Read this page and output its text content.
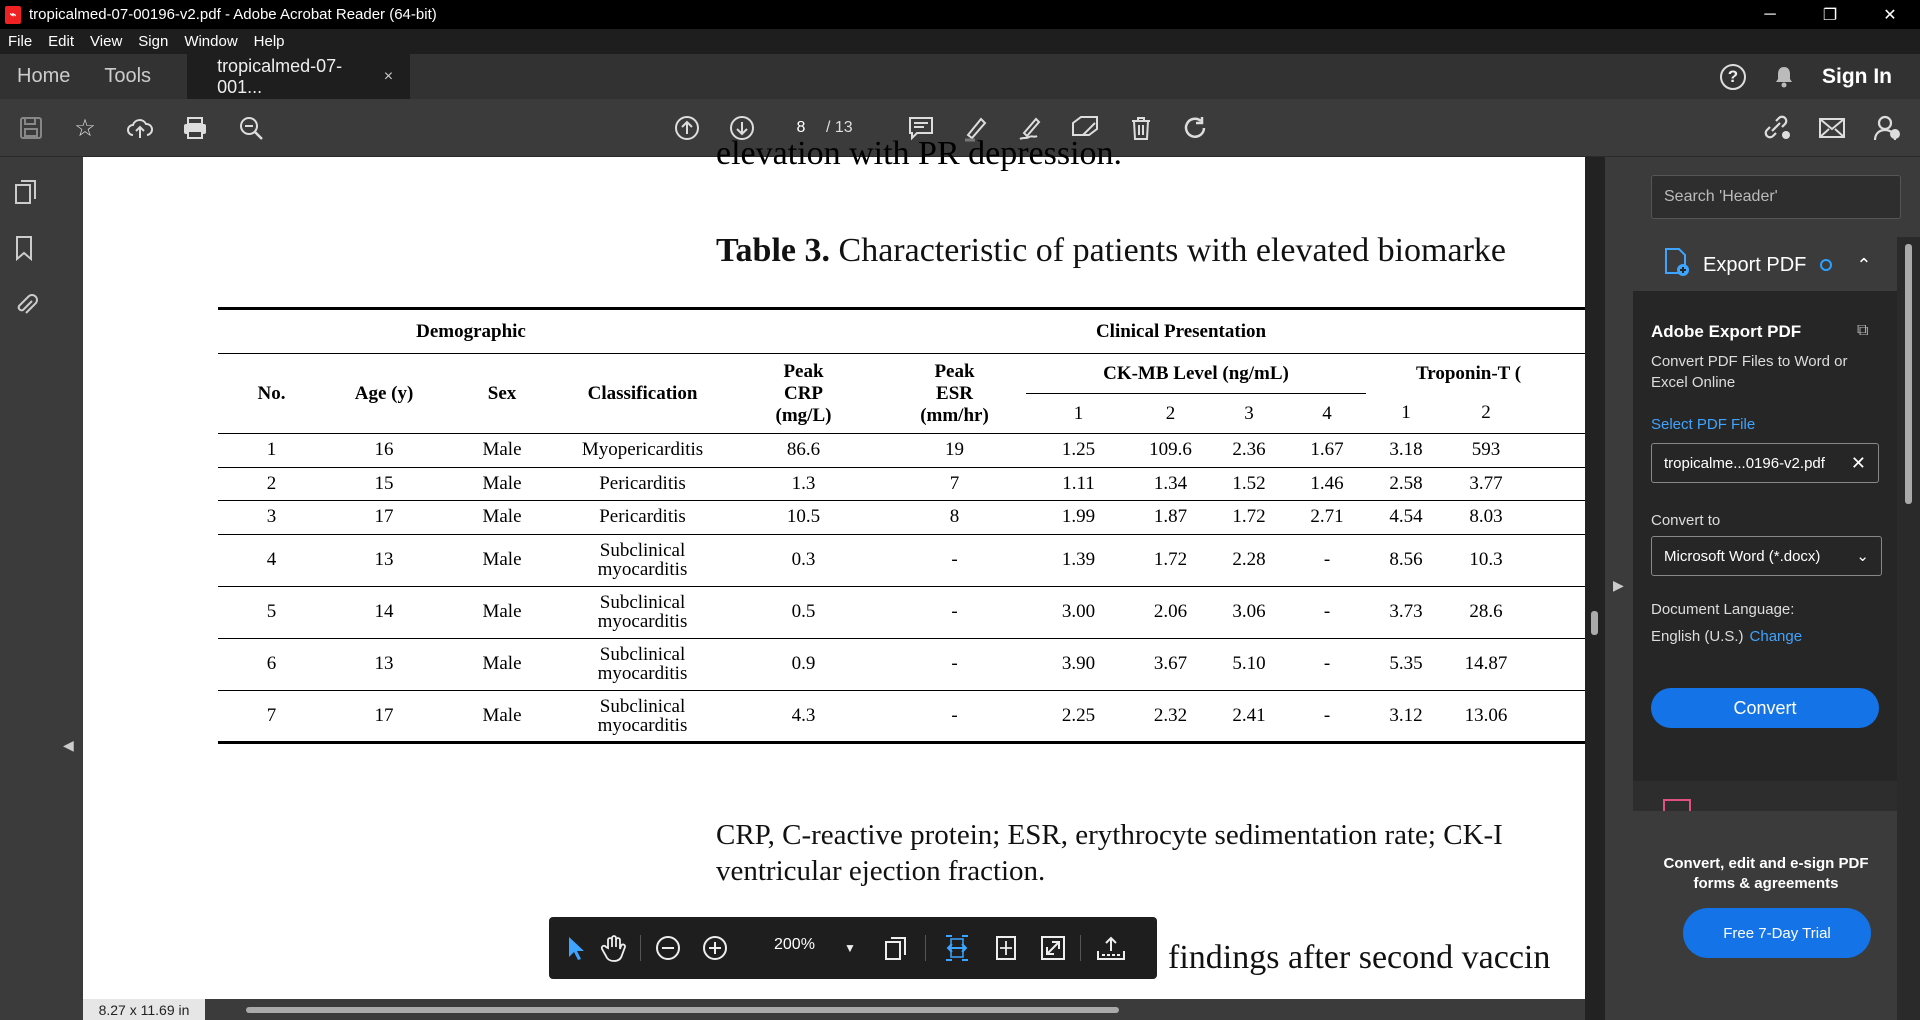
⌁ tropicalmed-07-00196-v2.pdf - Adobe Acrobat Reader (64-bit)	─	❐	✕
File	Edit	View	Sign	Window	Help
Home	Tools	tropicalmed-07-001...
×	?	Sign In
☆	8	/ 13
◀
elevation with PR depression.
Table 3. Characteristic of patients with elevated biomarke
Demographic				Clinical Presentation								
No.	Age (y)	Sex	Classification	Peak CRP (mg/L)	Peak ESR (mm/hr)	CK-MB Level (ng/mL)				Troponin-T (		
						1	2	3	4	1	2	
1	16	Male	Myopericarditis	86.6	19	1.25	109.6	2.36	1.67	3.18	593	
2	15	Male	Pericarditis	1.3	7	1.11	1.34	1.52	1.46	2.58	3.77	
3	17	Male	Pericarditis	10.5	8	1.99	1.87	1.72	2.71	4.54	8.03	
4	13	Male	Subclinical myocarditis	0.3	-	1.39	1.72	2.28	-	8.56	10.3	
5	14	Male	Subclinical myocarditis	0.5	-	3.00	2.06	3.06	-	3.73	28.6	
6	13	Male	Subclinical myocarditis	0.9	-	3.90	3.67	5.10	-	5.35	14.87	
7	17	Male	Subclinical myocarditis	4.3	-	2.25	2.32	2.41	-	3.12	13.06	
CRP, C-reactive protein; ESR, erythrocyte sedimentation rate; CK-I
ventricular ejection fraction.
findings after second vaccin
200%	▼
▶
8.27 x 11.69 in
Search 'Header'
Export PDF	⌃
Adobe Export PDF	⧉
Convert PDF Files to Word or Excel Online
Select PDF File
tropicalme...0196-v2.pdf ✕
Convert to
Microsoft Word (*.docx) ⌄
Document Language:
English (U.S.) Change
Convert
Convert, edit and e-sign PDF forms & agreements
Free 7-Day Trial
